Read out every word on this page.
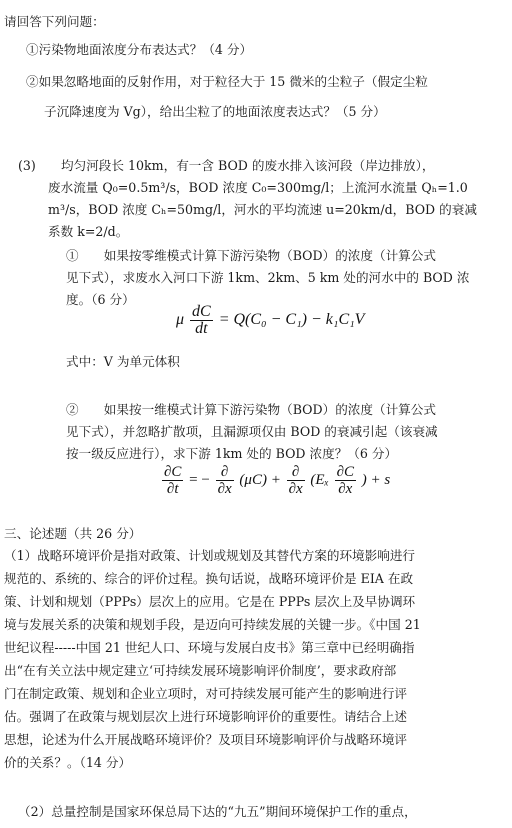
请回答下列问题：
①污染物地面浓度分布表达式？（4 分）
②如果忽略地面的反射作用，对于粒径大于 15 微米的尘粒子（假定尘粒
子沉降速度为 Vg），给出尘粒了的地面浓度表达式？（5 分）
(3)　　均匀河段长 10km，有一含 BOD 的废水排入该河段（岸边排放），
废水流量 Q₀=0.5m³/s，BOD 浓度 C₀=300mg/l；上流河水流量 Qₕ=1.0
m³/s，BOD 浓度 Cₕ=50mg/l，河水的平均流速 u=20km/d，BOD 的衰减
系数 k=2/d。
①　　如果按零维模式计算下游污染物（BOD）的浓度（计算公式
见下式），求废水入河口下游 1km、2km、5 km 处的河水中的 BOD 浓
度。（6 分）
μ $\frac{dC}{dt} = Q(C_0 - C_1) - k_1C_1V$
式中：V 为单元体积
②　　如果按一维模式计算下游污染物（BOD）的浓度（计算公式
见下式），并忽略扩散项，且漏源项仅由 BOD 的衰减引起（该衰减
按一级反应进行），求下游 1km 处的 BOD 浓度？（6 分）
$\frac{\partial C}{\partial t}$ = − $\frac{\partial}{\partial x} (\mu C) + \frac{\partial}{\partial x} (E_x \frac{\partial C}{\partial x}$ ) + s
三、论述题（共 26 分）
（1）战略环境评价是指对政策、计划或规划及其替代方案的环境影响进行
规范的、系统的、综合的评价过程。换句话说，战略环境评价是 EIA 在政
策、计划和规划（PPPs）层次上的应用。它是在 PPPs 层次上及早协调环
境与发展关系的决策和规划手段，是迈向可持续发展的关键一步。《中国 21
世纪议程-----中国 21 世纪人口、环境与发展白皮书》第三章中已经明确指
出“在有关立法中规定建立‘可持续发展环境影响评价制度’，要求政府部
门在制定政策、规划和企业立项时，对可持续发展可能产生的影响进行评
估。强调了在政策与规划层次上进行环境影响评价的重要性。请结合上述
思想，论述为什么开展战略环境评价？及项目环境影响评价与战略环境评
价的关系？。（14 分）
（2）总量控制是国家环保总局下达的“九五”期间环境保护工作的重点，
